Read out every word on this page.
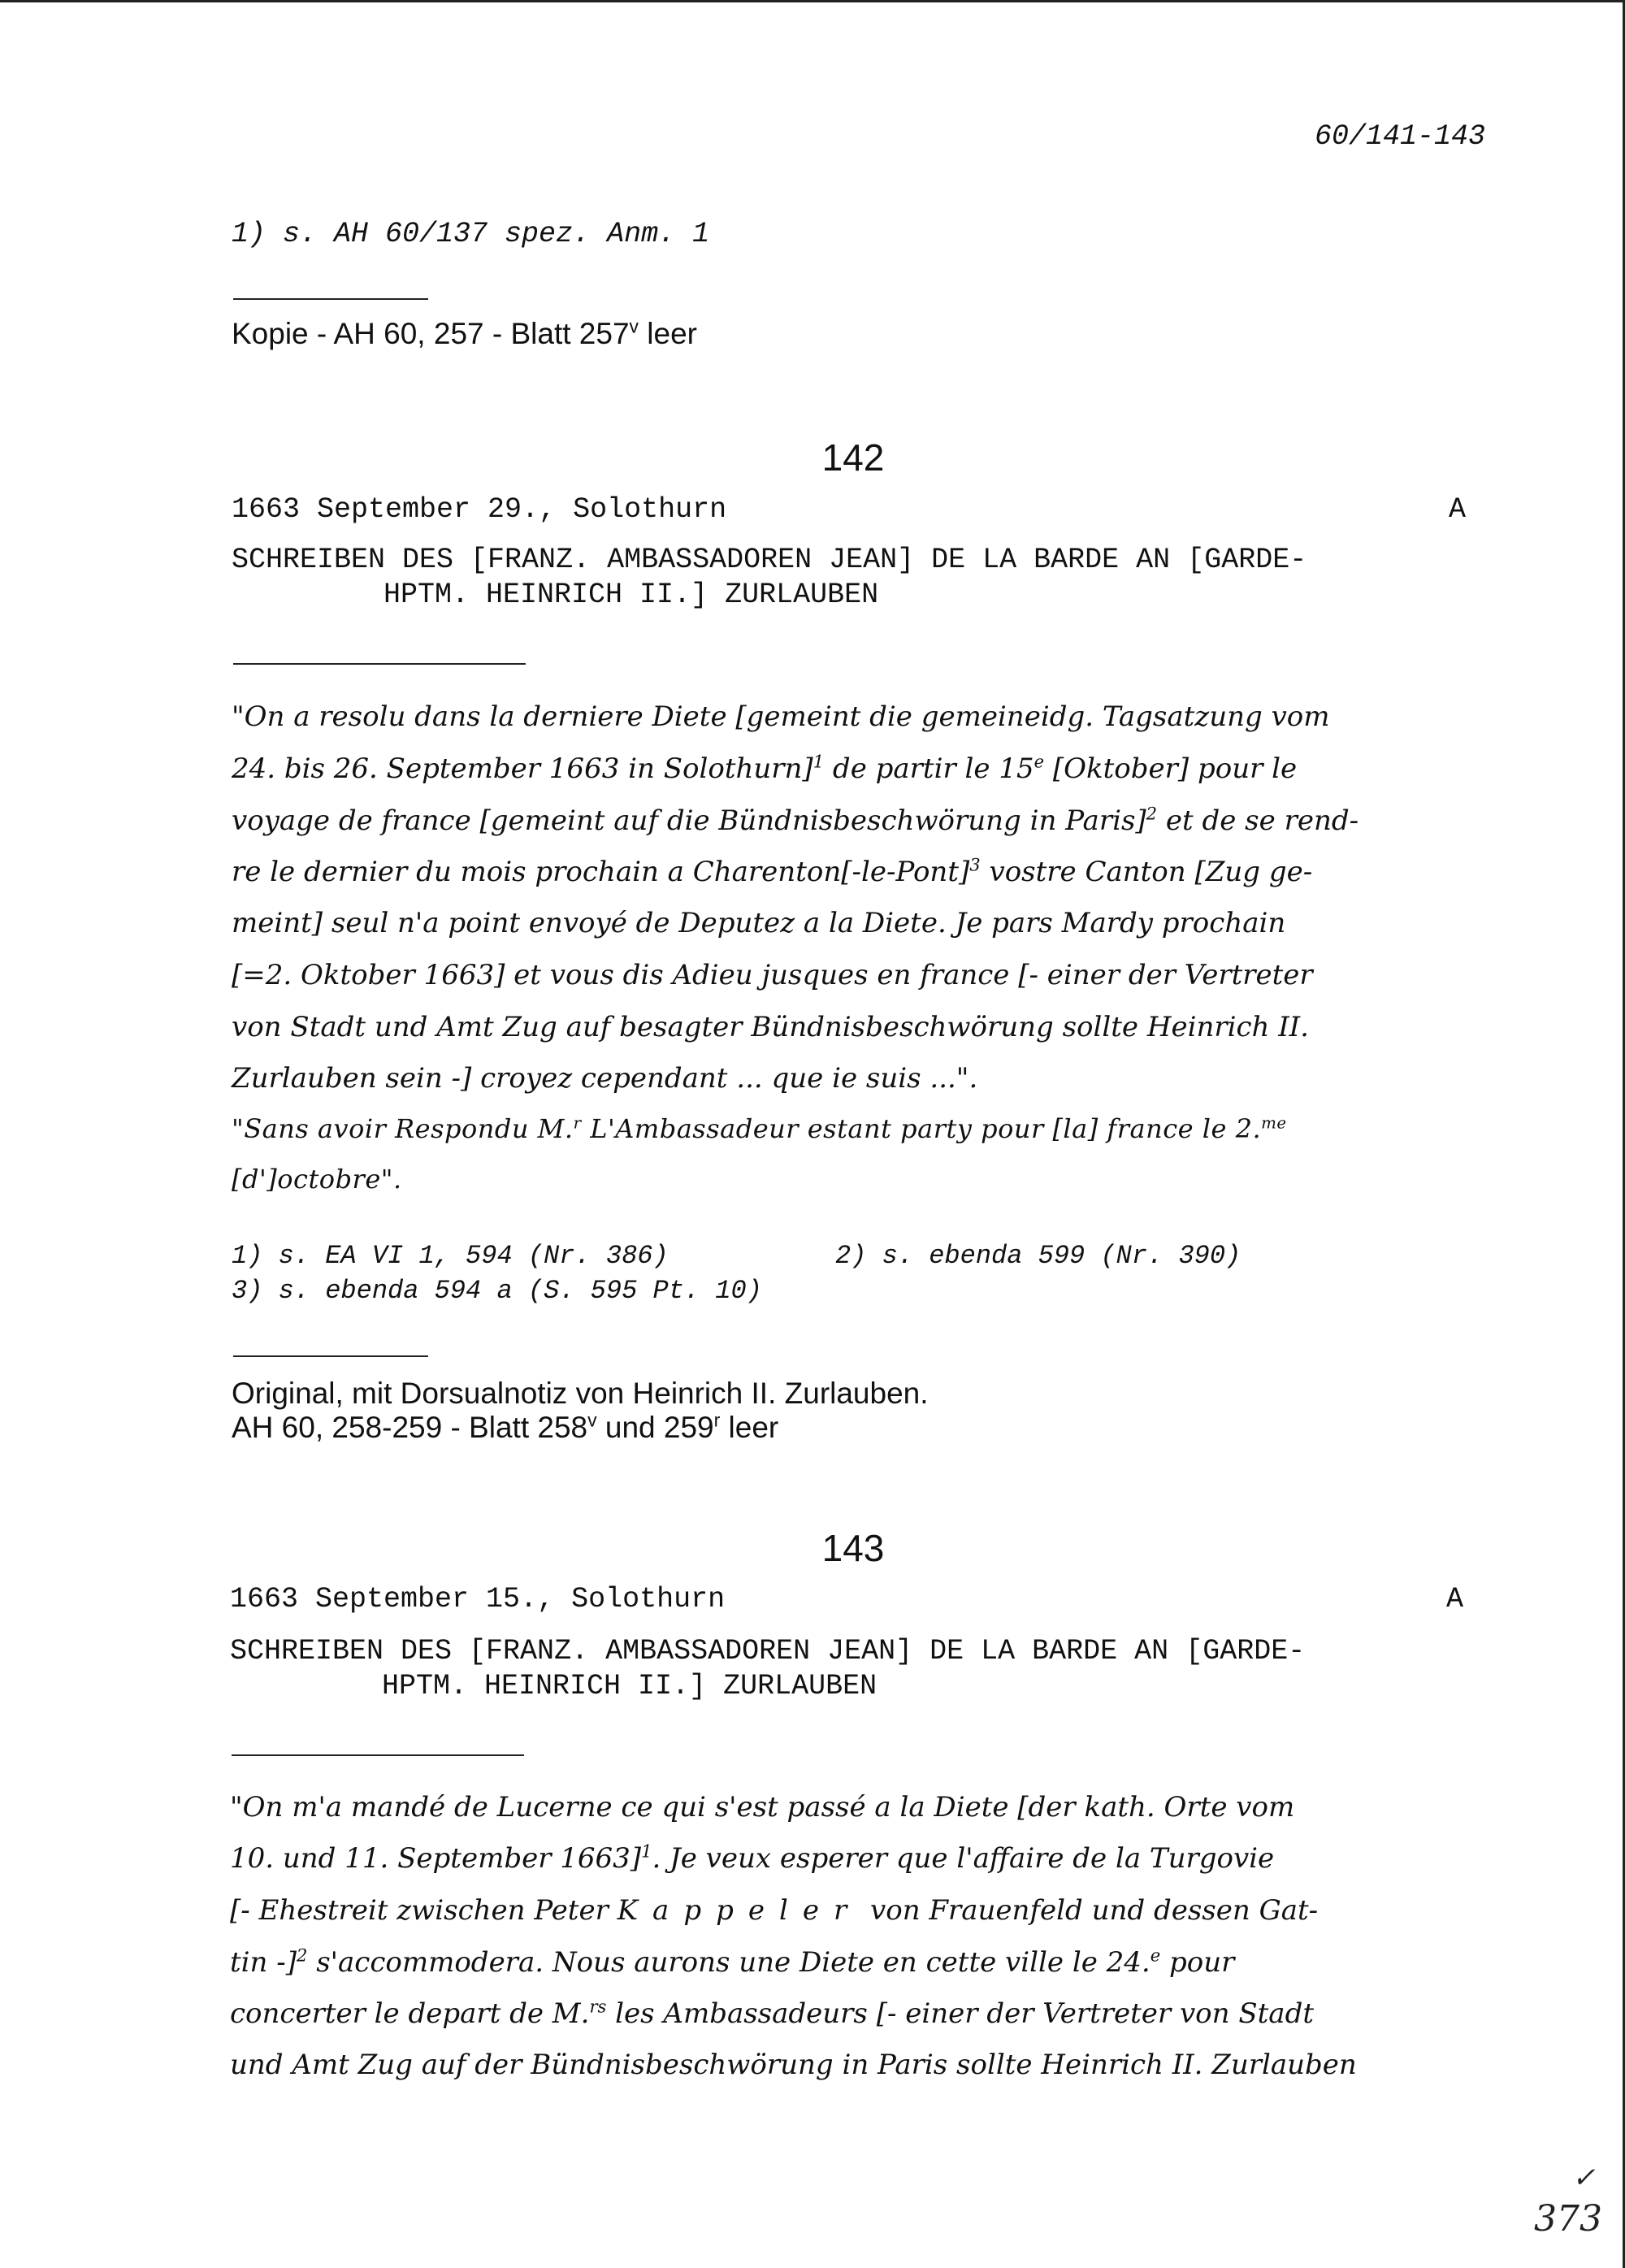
60/141-143
1) s. AH 60/137 spez. Anm. 1
Kopie - AH 60, 257 - Blatt 257$^v$ leer
142
1663 September 29., Solothurn	A
SCHREIBEN DES [FRANZ. AMBASSADOREN JEAN] DE LA BARDE AN [GARDE-
HPTM. HEINRICH II.] ZURLAUBEN
"On a resolu dans la derniere Diete [gemeint die gemeineidg. Tagsatzung vom
24. bis 26. September 1663 in Solothurn]$^1$ de partir le 15e [Oktober] pour le
voyage de france [gemeint auf die Bündnisbeschwörung in Paris]$^2$ et de se rend-
re le dernier du mois prochain a Charenton[-le-Pont]$^3$ vostre Canton [Zug ge-
meint] seul n'a point envoyé de Deputez a la Diete. Je pars Mardy prochain
[=2. Oktober 1663] et vous dis Adieu jusques en france [- einer der Vertreter
von Stadt und Amt Zug auf besagter Bündnisbeschwörung sollte Heinrich II.
Zurlauben sein -] croyez cependant ... que ie suis ...".
"Sans avoir Respondu M.$^r$ L'Ambassadeur estant party pour [la] france le 2.$^{me}$
[d']octobre".
1) s. EA VI 1, 594 (Nr. 386)	2) s. ebenda 599 (Nr. 390)
3) s. ebenda 594 a (S. 595 Pt. 10)
Original, mit Dorsualnotiz von Heinrich II. Zurlauben.
AH 60, 258-259 - Blatt 258$^v$ und 259$^r$ leer
143
1663 September 15., Solothurn	A
SCHREIBEN DES [FRANZ. AMBASSADOREN JEAN] DE LA BARDE AN [GARDE-
HPTM. HEINRICH II.] ZURLAUBEN
"On m'a mandé de Lucerne ce qui s'est passé a la Diete [der kath. Orte vom
10. und 11. September 1663]$^1$. Je veux esperer que l'affaire de la Turgovie
[- Ehestreit zwischen Peter Kappeler von Frauenfeld und dessen Gat-
tin -]$^2$ s'accommodera. Nous aurons une Diete en cette ville le 24.$^e$ pour
concerter le depart de M.$^{rs}$ les Ambassadeurs [- einer der Vertreter von Stadt
und Amt Zug auf der Bündnisbeschwörung in Paris sollte Heinrich II. Zurlauben
✓
373
